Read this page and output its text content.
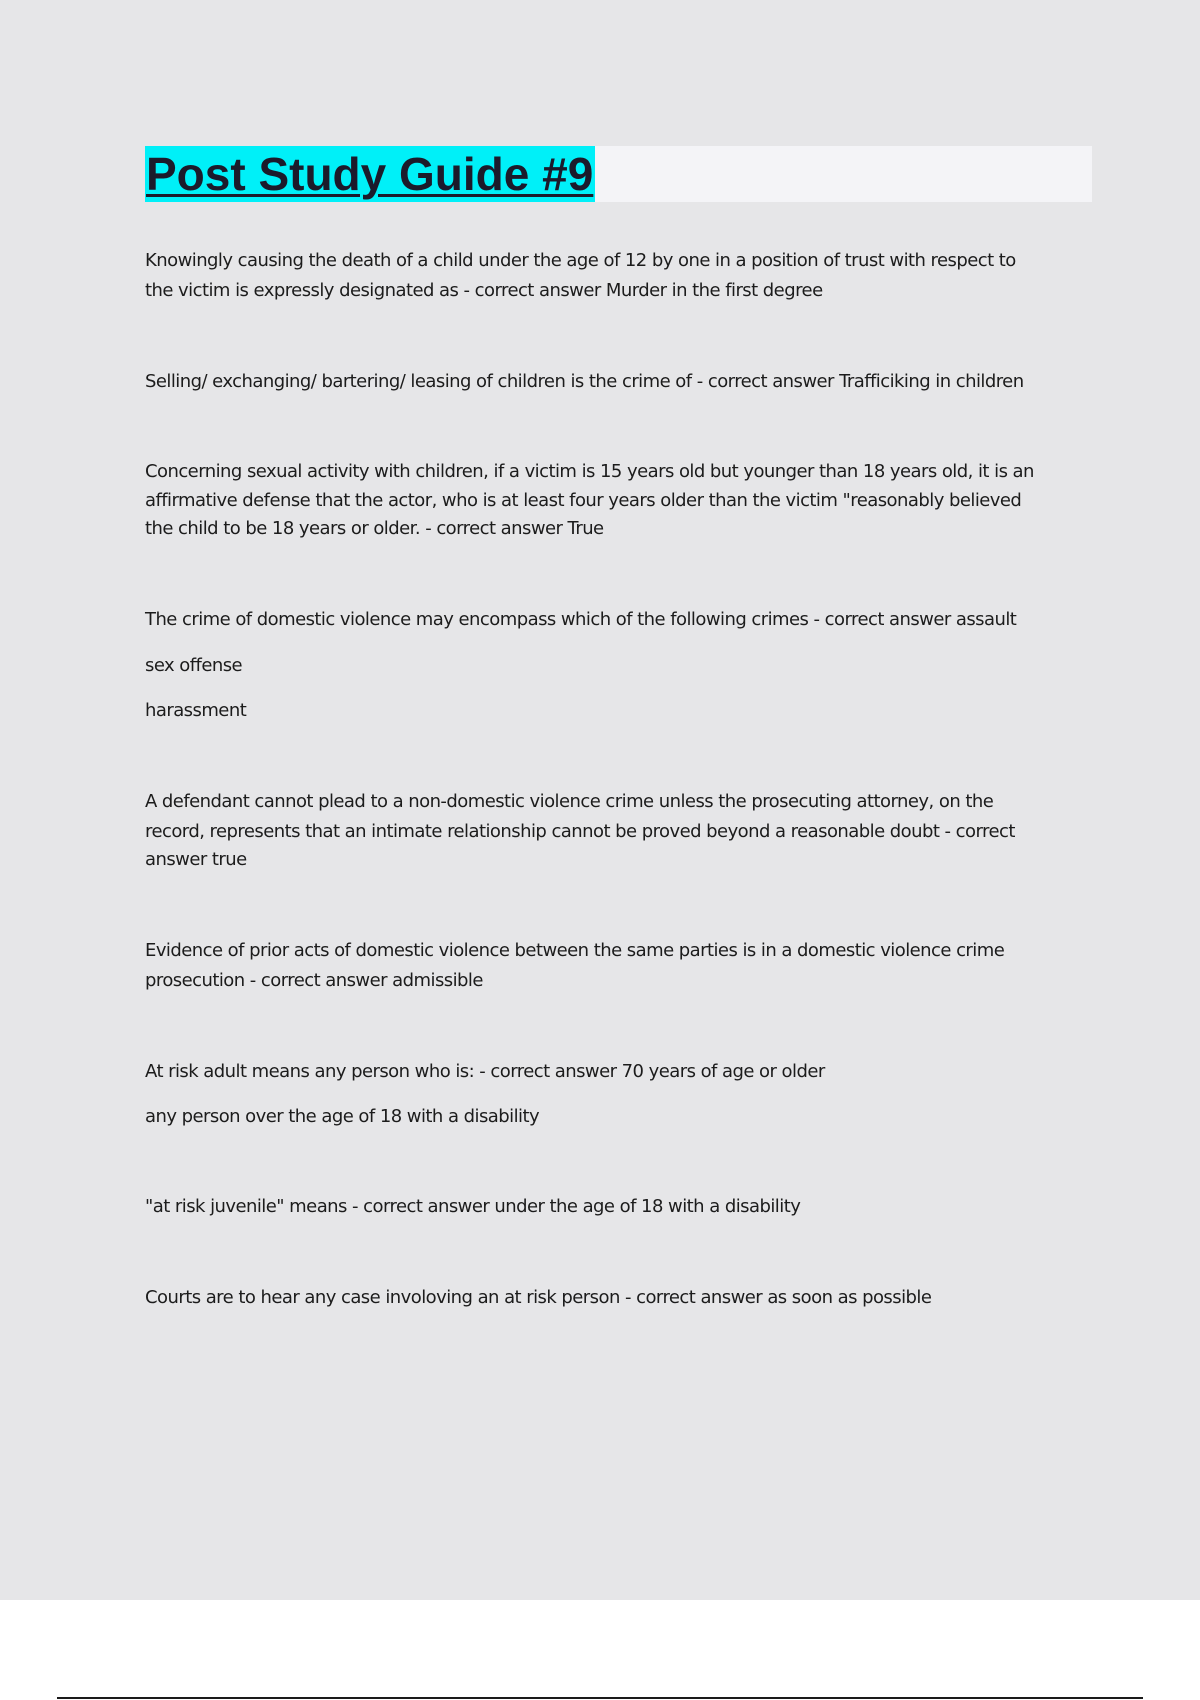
Post Study Guide #9

Knowingly causing the death of a child under the age of 12 by one in a position of trust with respect to

the victim is expressly designated as - correct answer Murder in the first degree

Selling/ exchanging/ bartering/ leasing of children is the crime of - correct answer Trafficiking in children

Concerning sexual activity with children, if a victim is 15 years old but younger than 18 years old, it is an

affirmative defense that the actor, who is at least four years older than the victim "reasonably believed

the child to be 18 years or older. - correct answer True

The crime of domestic violence may encompass which of the following crimes - correct answer assault

sex offense

harassment

A defendant cannot plead to a non-domestic violence crime unless the prosecuting attorney, on the

record, represents that an intimate relationship cannot be proved beyond a reasonable doubt - correct

answer true

Evidence of prior acts of domestic violence between the same parties is in a domestic violence crime

prosecution - correct answer admissible

At risk adult means any person who is: - correct answer 70 years of age or older

any person over the age of 18 with a disability

"at risk juvenile" means - correct answer under the age of 18 with a disability

Courts are to hear any case involoving an at risk person - correct answer as soon as possible
